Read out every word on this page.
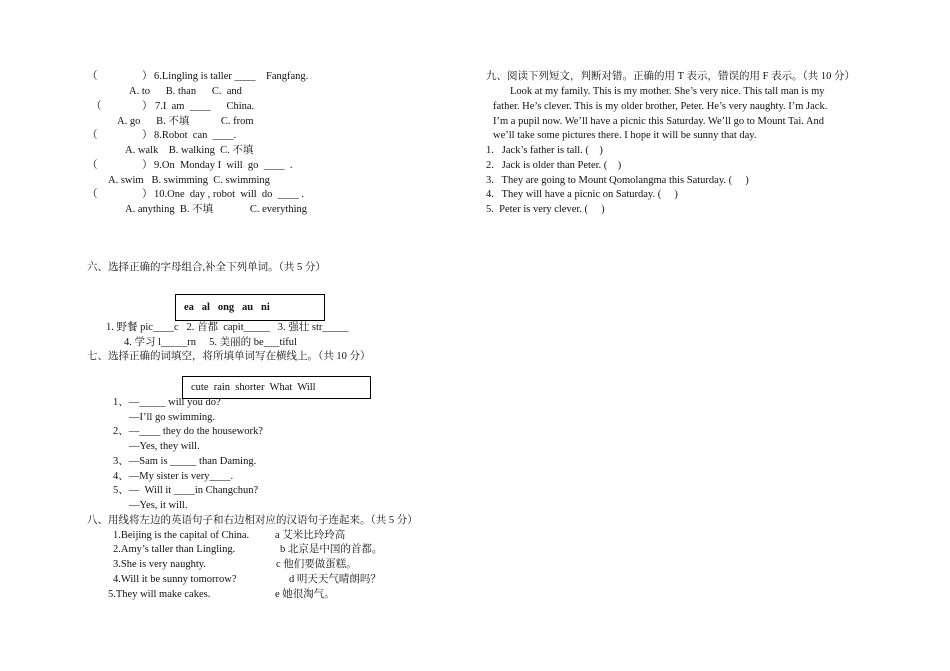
（	） 6.Lingling is taller ____    Fangfang.
A. to      B. than      C.  and
（	） 7.I  am  ____      China.
A. go      B. 不填            C. from
（	） 8.Robot  can  ____.
A. walk    B. walking  C. 不填
（	） 9.On  Monday I  will  go  ____  .
A. swim   B. swimming  C. swimming
（	） 10.One  day , robot  will  do  ____ .
A. anything  B. 不填              C. everything
六、选择正确的字母组合,补全下列单词。（共 5 分）
ea   al   ong   au   ni
1. 野餐 pic____c   2. 首都  capit_____   3. 强壮 str_____
4. 学习 l_____rn     5. 美丽的 be___tiful
七、选择正确的词填空，将所填单词写在横线上。（共 10 分）
cute  rain  shorter  What  Will
1、—_____ will you do?
—I’ll go swimming.
2、—____ they do the housework?
—Yes, they will.
3、—Sam is _____ than Daming.
4、—My sister is very____.
5、—  Will it ____in Changchun?
—Yes, it will.
八、用线将左边的英语句子和右边相对应的汉语句子连起来。（共 5 分）
1.Beijing is the capital of China.
2.Amy’s taller than Lingling.
3.She is very naughty.
4.Will it be sunny tomorrow?
5.They will make cakes.
a 艾米比玲玲高
b 北京是中国的首都。
c 他们要做蛋糕。
d 明天天气晴朗吗？
e 她很淘气。
九、阅读下列短文，判断对错。正确的用 T 表示，错误的用 F 表示。（共 10 分）
Look at my family. This is my mother. She’s very nice. This tall man is my
father. He’s clever. This is my older brother, Peter. He’s very naughty. I’m Jack.
I’m a pupil now. We’ll have a picnic this Saturday. We’ll go to Mount Tai. And
we’ll take some pictures there. I hope it will be sunny that day.
1.   Jack’s father is tall. (    )
2.   Jack is older than Peter. (    )
3.   They are going to Mount Qomolangma this Saturday. (     )
4.   They will have a picnic on Saturday. (     )
5.  Peter is very clever. (     )
